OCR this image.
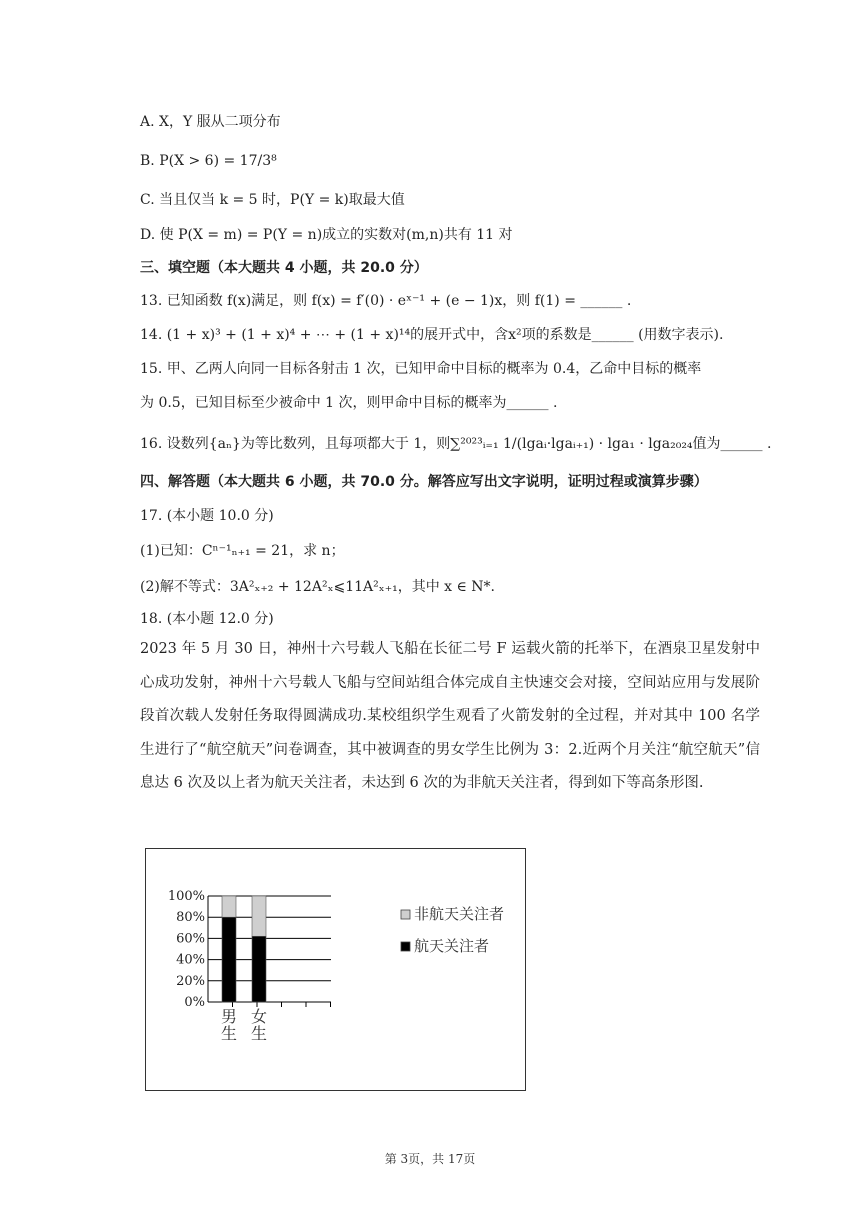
A. X，Y 服从二项分布
B. P(X > 6) = 17/3⁸
C. 当且仅当 k = 5 时，P(Y = k)取最大值
D. 使 P(X = m) = P(Y = n)成立的实数对(m,n)共有 11 对
三、填空题（本大题共 4 小题，共 20.0 分）
13. 已知函数 f(x)满足，则 f(x) = f′(0) · eˣ⁻¹ + (e − 1)x，则 f(1) = ______ .
14. (1 + x)³ + (1 + x)⁴ + ⋯ + (1 + x)¹⁴的展开式中，含x²项的系数是______ (用数字表示).
15. 甲、乙两人向同一目标各射击 1 次，已知甲命中目标的概率为 0.4，乙命中目标的概率
为 0.5，已知目标至少被命中 1 次，则甲命中目标的概率为______ .
16. 设数列{aₙ}为等比数列，且每项都大于 1，则∑²⁰²³ᵢ₌₁ 1/(lgaᵢ·lgaᵢ₊₁) · lga₁ · lga₂₀₂₄值为______ .
四、解答题（本大题共 6 小题，共 70.0 分。解答应写出文字说明，证明过程或演算步骤）
17. (本小题 10.0 分)
(1)已知：Cⁿ⁻¹ₙ₊₁ = 21，求 n；
(2)解不等式：3A²ₓ₊₂ + 12A²ₓ⩽11A²ₓ₊₁，其中 x ∈ N*.
18. (本小题 12.0 分)
2023 年 5 月 30 日，神州十六号载人飞船在长征二号 F 运载火箭的托举下，在酒泉卫星发射中心成功发射，神州十六号载人飞船与空间站组合体完成自主快速交会对接，空间站应用与发展阶段首次载人发射任务取得圆满成功.某校组织学生观看了火箭发射的全过程，并对其中 100 名学生进行了“航空航天”问卷调查，其中被调查的男女学生比例为 3：2.近两个月关注“航空航天”信息达 6 次及以上者为航天关注者，未达到 6 次的为非航天关注者，得到如下等高条形图.
0%
20%
40%
60%
80%
100%
男
生
女
生
非航天关注者
航天关注者
第 3页，共 17页
